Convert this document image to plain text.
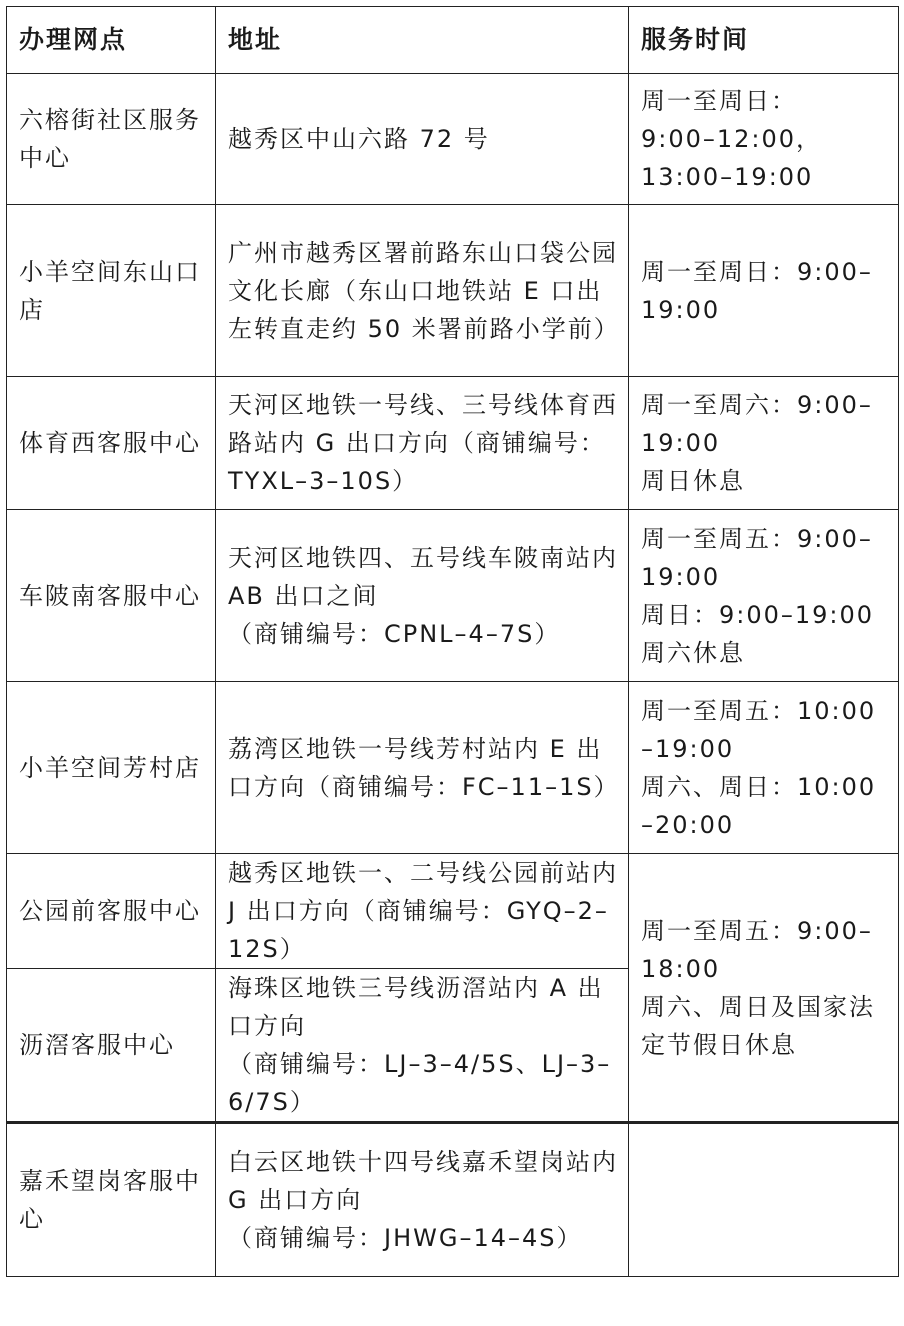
办理网点	地址	服务时间
六榕街社区服务中心	越秀区中山六路 72 号	周一至周日：
9:00–12:00，
13:00–19:00

小羊空间东山口店	广州市越秀区署前路东山口袋公园文化长廊（东山口地铁站 E 口出左转直走约 50 米署前路小学前）	周一至周日：9:00–19:00

体育西客服中心	天河区地铁一号线、三号线体育西路站内 G 出口方向（商铺编号：TYXL–3–10S）	周一至周六：9:00–19:00
周日休息

车陂南客服中心	天河区地铁四、五号线车陂南站内 AB 出口之间
（商铺编号：CPNL–4–7S）	周一至周五：9:00–19:00
周日：9:00–19:00
周六休息

小羊空间芳村店	荔湾区地铁一号线芳村站内 E 出口方向（商铺编号：FC–11–1S）	周一至周五：10:00–19:00
周六、周日：10:00–20:00

公园前客服中心	越秀区地铁一、二号线公园前站内 J 出口方向（商铺编号：GYQ–2–12S）	周一至周五：9:00–18:00
周六、周日及国家法定节假日休息

沥滘客服中心	海珠区地铁三号线沥滘站内 A 出口方向
（商铺编号：LJ–3–4/5S、LJ–3–6/7S）	

嘉禾望岗客服中心	白云区地铁十四号线嘉禾望岗站内 G 出口方向
（商铺编号：JHWG–14–4S）	
